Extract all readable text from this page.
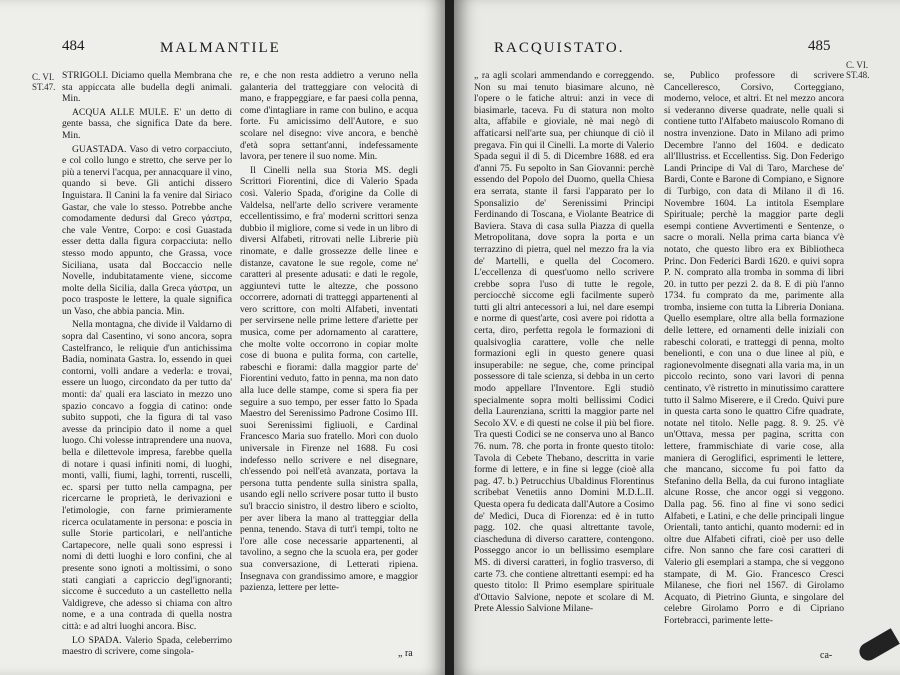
484	MALMANTILE
C. VI.
ST.47.

STRIGOLI. Diciamo quella Membrana che sta appiccata alle budella degli animali. Min.

ACQUA ALLE MULE. E' un detto di gente bassa, che significa Date da bere. Min.

GUASTADA. Vaso di vetro corpacciuto, e col collo lungo e stretto, che serve per lo più a tenervi l'acqua, per annacquare il vino, quando si beve. Gli antichi dissero Inguistara. Il Canini la fa venire dal Siriaco Gastar, che vale lo stesso. Potrebbe anche comodamente dedursi dal Greco γάστρα, che vale Ventre, Corpo: e così Guastada esser detta dalla figura corpacciuta: nello stesso modo appunto, che Grassa, voce Siciliana, usata dal Boccaccio nelle Novelle, indubitatamente viene, siccome molte della Sicilia, dalla Greca γάστρα, un poco trasposte le lettere, la quale significa un Vaso, che abbia pancia. Min.

Nella montagna, che divide il Valdarno di sopra dal Casentino, vi sono ancora, sopra Castelfranco, le reliquie d'un antichissima Badia, nominata Gastra. Io, essendo in quei contorni, volli andare a vederla: e trovai, essere un luogo, circondato da per tutto da' monti: da' quali era lasciato in mezzo uno spazio concavo a foggia di catino: onde subito suppoti, che la figura di tal vaso avesse da principio dato il nome a quel luogo. Chi volesse intraprendere una nuova, bella e dilettevole impresa, farebbe quella di notare i quasi infiniti nomi, di luoghi, monti, valli, fiumi, laghi, torrenti, ruscelli, ec. sparsi per tutto nella campagna, per ricercarne le proprietà, le derivazioni e l'etimologie, con farne primieramente ricerca oculatamente in persona: e poscia in sulle Storie particolari, e nell'antiche Cartapecore, nelle quali sono espressi i nomi di detti luoghi e loro confini, che al presente sono ignoti a moltissimi, o sono stati cangiati a capriccio degl'ignoranti; siccome è succeduto a un castelletto nella Valdigreve, che adesso si chiama con altro nome, e a una contrada di quella nostra città: e ad altri luoghi ancora. Bisc.

LO SPADA. Valerio Spada, celeberrimo maestro di scrivere, come singola-

re, e che non resta addietro a veruno nella galanteria del tratteggiare con velocità di mano, e frappeggiare, e far paesi colla penna, come d'intagliare in rame con bulino, e acqua forte. Fu amicissimo dell'Autore, e suo scolare nel disegno: vive ancora, e benchè d'età sopra settant'anni, indefessamente lavora, per tenere il suo nome. Min.

Il Cinelli nella sua Storia MS. degli Scrittori Fiorentini, dice di Valerio Spada così. Valerio Spada, d'origine da Colle di Valdelsa, nell'arte dello scrivere veramente eccellentissimo, e fra' moderni scrittori senza dubbio il migliore, come si vede in un libro di diversi Alfabeti, ritrovati nelle Librerie più rinomate, e dalle grossezze delle linee e distanze, cavatone le sue regole, come ne' caratteri al presente adusati: e dati le regole, aggiuntevi tutte le altezze, che possono occorrere, adornati di tratteggi appartenenti al vero scrittore, con molti Alfabeti, inventati per servirsene nelle prime lettere d'ariette per musica, come per adornamento al carattere, che molte volte occorrono in copiar molte cose di buona e pulita forma, con cartelle, rabeschi e fiorami: dalla maggior parte de' Fiorentini veduto, fatto in penna, ma non dato alla luce delle stampe, come si spera fia per seguire a suo tempo, per esser fatto lo Spada Maestro del Serenissimo Padrone Cosimo III. suoi Serenissimi figliuoli, e Cardinal Francesco Maria suo fratello. Morì con duolo universale in Firenze nel 1688. Fu così indefesso nello scrivere e nel disegnare, ch'essendo poi nell'età avanzata, portava la persona tutta pendente sulla sinistra spalla, usando egli nello scrivere posar tutto il busto su'l braccio sinistro, il destro libero e sciolto, per aver libera la mano al tratteggiar della penna, tenendo. Stava di tutt'i tempi, tolto ne l'ore alle cose necessarie appartenenti, al tavolino, a segno che la scuola era, per goder sua conversazione, di Letterati ripiena. Insegnava con grandissimo amore, e maggior pazienza, lettere per lette-

„ ra
RACQUISTATO.	485
C. VI.
ST.48.

„ ra agli scolari ammendando e correggendo. Non su mai tenuto biasimare alcuno, nè l'opere o le fatiche altrui: anzi in vece di biasimarle, taceva. Fu di statura non molto alta, affabile e gioviale, nè mai negò di affaticarsi nell'arte sua, per chiunque di ciò il pregava. Fin qui il Cinelli. La morte di Valerio Spada seguì il dì 5. di Dicembre 1688. ed era d'anni 75. Fu sepolto in San Giovanni: perchè essendo del Popolo del Duomo, quella Chiesa era serrata, stante il farsi l'apparato per lo Sponsalizio de' Serenissimi Principi Ferdinando di Toscana, e Violante Beatrice di Baviera. Stava di casa sulla Piazza di quella Metropolitana, dove sopra la porta e un terrazzino di pietra, quel nel mezzo fra la via de' Martelli, e quella del Cocomero. L'eccellenza di quest'uomo nello scrivere crebbe sopra l'uso di tutte le regole, perciocchè siccome egli facilmente superò tutti gli altri antecessori a lui, nel dare esempi e norme di quest'arte, così avere poi ridotta a certa, diro, perfetta regola le formazioni di qualsivoglia carattere, volle che nelle formazioni egli in questo genere quasi insuperabile: ne segue, che, come principal possessore di tale scienza, si debba in un certo modo appellare l'Inventore. Egli studiò specialmente sopra molti bellissimi Codici della Laurenziana, scritti la maggior parte nel Secolo XV. e di questi ne colse il più bel fiore. Tra questi Codici se ne conserva uno al Banco 76. num. 78. che porta in fronte questo titolo: Tavola di Cebete Thebano, descritta in varie forme di lettere, e in fine si legge (cioè alla pag. 47. b.) Petrucchius Ubaldinus Florentinus scribebat Venetiis anno Domini M.D.L.II. Questa opera fu dedicata dall'Autore a Cosimo de' Medici, Duca di Fiorenza: ed è in tutto pagg. 102. che quasi altrettante tavole, ciascheduna di diverso carattere, contengono. Posseggo ancor io un bellissimo esemplare MS. di diversi caratteri, in foglio trasverso, di carte 73. che contiene altrettanti esempi: ed ha questo titolo: Il Primo esemplare spirituale d'Ottavio Salvione, nepote et scolare di M. Prete Alessio Salvione Milane-

se, Publico professore di scrivere Cancelleresco, Corsivo, Corteggiano, moderno, veloce, et altri. Et nel mezzo ancora si vederanno diverse quadrate, nelle quali si contiene tutto l'Alfabeto maiuscolo Romano di nostra invenzione. Dato in Milano adì primo Decembre l'anno del 1604. e dedicato all'Illustriss. et Eccellentiss. Sig. Don Federigo Landi Principe di Val di Taro, Marchese de' Bardi, Conte e Barone di Compiano, e Signore di Turbigo, con data di Milano il dì 16. Novembre 1604. La intitola Esemplare Spirituale; perchè la maggior parte degli esempi contiene Avvertimenti e Sentenze, o sacre o morali. Nella prima carta bianca v'è notato, che questo libro era ex Bibliotheca Princ. Don Federici Bardi 1620. e quivi sopra P. N. comprato alla tromba in somma di libri 20. in tutto per pezzi 2. da 8. E di più l'anno 1734. fu comprato da me, parimente alla tromba, insieme con tutta la Libreria Doniana. Quello esemplare, oltre alla bella formazione delle lettere, ed ornamenti delle iniziali con rabeschi colorati, e tratteggi di penna, molto benelionti, e con una o due linee al più, e ragionevolmente disegnati alla varia ma, in un piccolo recinto, sono vari lavori di penna centinato, v'è ristretto in minutissimo carattere tutto il Salmo Miserere, e il Credo. Quivi pure in questa carta sono le quattro Cifre quadrate, notate nel titolo. Nelle pagg. 8. 9. 25. v'è un'Ottava, messa per pagina, scritta con lettere, frammischiate di varie cose, alla maniera di Geroglifici, esprimenti le lettere, che mancano, siccome fu poi fatto da Stefanino della Bella, da cui furono intagliate alcune Rosse, che ancor oggi si veggono. Dalla pag. 56. fino al fine vi sono sedici Alfabeti, e Latini, e che delle principali lingue Orientali, tanto antichi, quanto moderni: ed in oltre due Alfabeti cifrati, cioè per uso delle cifre. Non sanno che fare così caratteri di Valerio gli esemplari a stampa, che si veggono stampate, di M. Gio. Francesco Cresci Milanese, che fiori nel 1567. di Girolamo Acquato, di Pietrino Giunta, e singolare del celebre Girolamo Porro e di Cipriano Fortebracci, parimente lette-

ca-
